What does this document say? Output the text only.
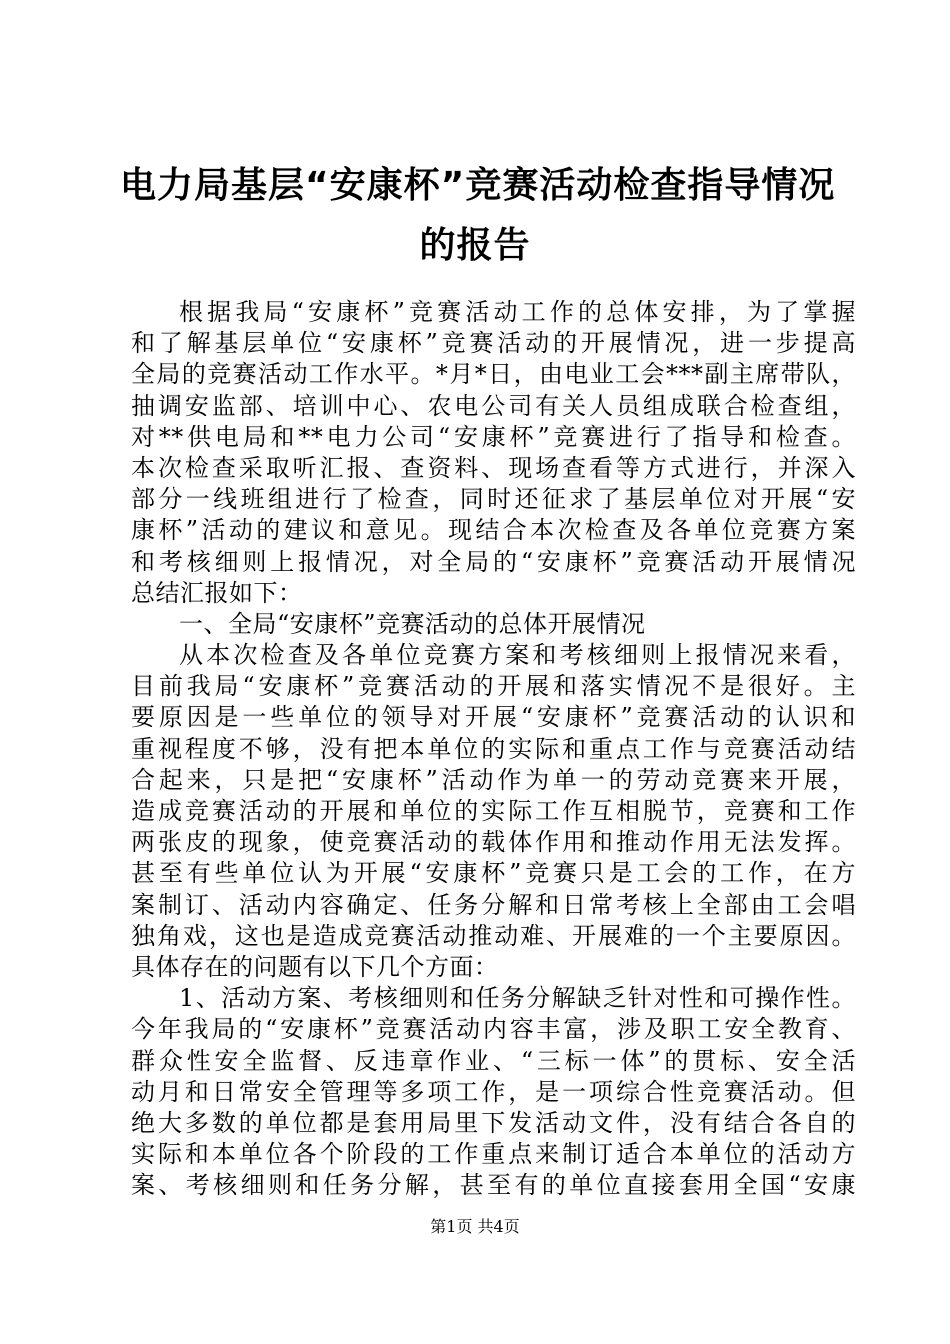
电力局基层“安康杯”竞赛活动检查指导情况
的报告
根据我局“安康杯”竞赛活动工作的总体安排，为了掌握
和了解基层单位“安康杯”竞赛活动的开展情况，进一步提高
全局的竞赛活动工作水平。*月*日，由电业工会***副主席带队，
抽调安监部、培训中心、农电公司有关人员组成联合检查组，
对**供电局和**电力公司“安康杯”竞赛进行了指导和检查。
本次检查采取听汇报、查资料、现场查看等方式进行，并深入
部分一线班组进行了检查，同时还征求了基层单位对开展“安
康杯”活动的建议和意见。现结合本次检查及各单位竞赛方案
和考核细则上报情况，对全局的“安康杯”竞赛活动开展情况
总结汇报如下：
一、全局“安康杯”竞赛活动的总体开展情况
从本次检查及各单位竞赛方案和考核细则上报情况来看，
目前我局“安康杯”竞赛活动的开展和落实情况不是很好。主
要原因是一些单位的领导对开展“安康杯”竞赛活动的认识和
重视程度不够，没有把本单位的实际和重点工作与竞赛活动结
合起来，只是把“安康杯”活动作为单一的劳动竞赛来开展，
造成竞赛活动的开展和单位的实际工作互相脱节，竞赛和工作
两张皮的现象，使竞赛活动的载体作用和推动作用无法发挥。
甚至有些单位认为开展“安康杯”竞赛只是工会的工作，在方
案制订、活动内容确定、任务分解和日常考核上全部由工会唱
独角戏，这也是造成竞赛活动推动难、开展难的一个主要原因。
具体存在的问题有以下几个方面：
1、活动方案、考核细则和任务分解缺乏针对性和可操作性。
今年我局的“安康杯”竞赛活动内容丰富，涉及职工安全教育、
群众性安全监督、反违章作业、“三标一体”的贯标、安全活
动月和日常安全管理等多项工作，是一项综合性竞赛活动。但
绝大多数的单位都是套用局里下发活动文件，没有结合各自的
实际和本单位各个阶段的工作重点来制订适合本单位的活动方
案、考核细则和任务分解，甚至有的单位直接套用全国“安康
第1页 共4页
